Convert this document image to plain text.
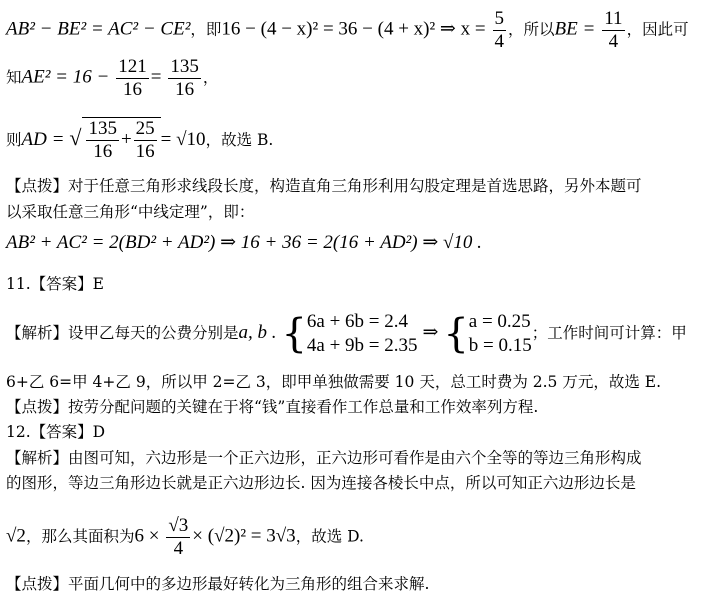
AB² − BE² = AC² − CE²，即16 − (4 − x)² = 36 − (4 + x)² ⇒ $x = \frac{5}{4}$ ，所以BE = $\frac{11}{4}$ ，因此可
知$AE^2 = 16 - \frac{121}{16} = \frac{135}{16}$ ，
则AD = √ $\frac{135}{16} + \frac{25}{16} = √10$，故选 B.
【点拨】对于任意三角形求线段长度，构造直角三角形利用勾股定理是首选思路，另外本题可
以采取任意三角形“中线定理”，即：
AB² + AC² = 2(BD² + AD²) ⇒ 16 + 36 = 2(16 + AD²) ⇒ √10 .
11.【答案】E
【解析】设甲乙每天的公费分别是a, b . { 6a + 6b = 2.4
4a + 9b = 2.35
⇒ { a = 0.25
b = 0.15
；工作时间可计算：甲
6+乙 6=甲 4+乙 9，所以甲 2=乙 3，即甲单独做需要 10 天，总工时费为 2.5 万元，故选 E.
【点拨】按劳分配问题的关键在于将“钱”直接看作工作总量和工作效率列方程.
12.【答案】D
【解析】由图可知，六边形是一个正六边形，正六边形可看作是由六个全等的等边三角形构成
的图形，等边三角形边长就是正六边形边长. 因为连接各棱长中点，所以可知正六边形边长是
√2，那么其面积为$6 \times \frac{√3}{4} \times (√2)^2 = 3√3$，故选 D.
【点拨】平面几何中的多边形最好转化为三角形的组合来求解.
